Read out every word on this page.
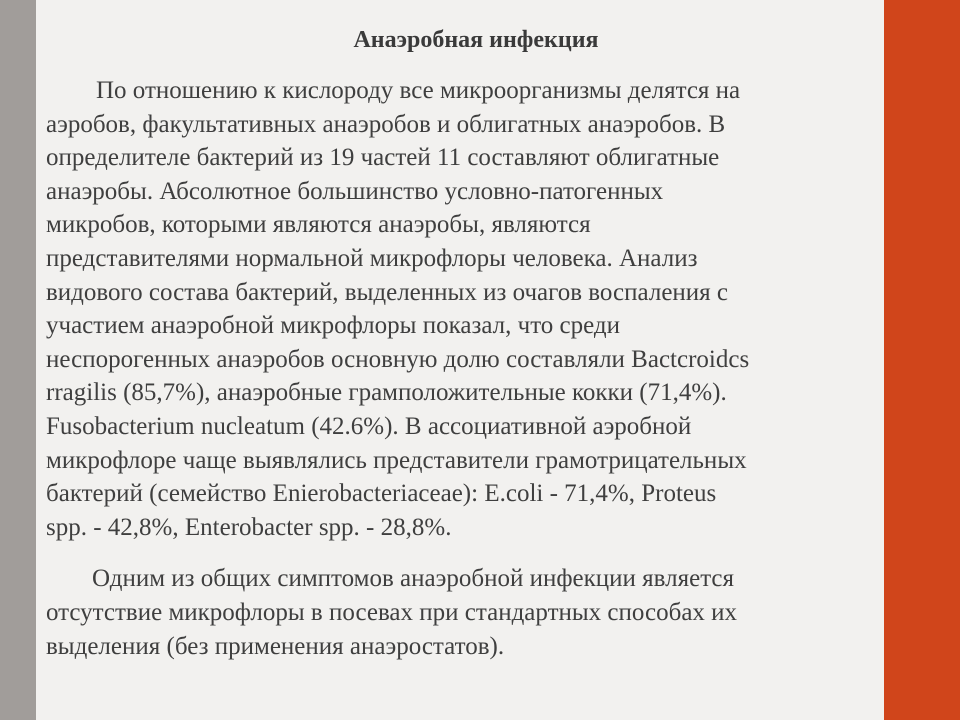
Анаэробная инфекция

По отношению к кислороду все микроорганизмы делятся на
аэробов, факультативных анаэробов и облигатных анаэробов. В
определителе бактерий из 19 частей 11 составляют облигатные
анаэробы. Абсолютное большинство условно-патогенных
микробов, которыми являются анаэробы, являются
представителями нормальной микрофлоры человека. Анализ
видового состава бактерий, выделенных из очагов воспаления с
участием анаэробной микрофлоры показал, что среди
неспорогенных анаэробов основную долю составляли Bactcroidcs
rragilis (85,7%), анаэробные грамположительные кокки (71,4%).
Fusobacterium nucleatum (42.6%). В ассоциативной аэробной
микрофлоре чаще выявлялись представители грамотрицательных
бактерий (семейство Enierobacteriaceae): E.coli - 71,4%, Proteus
spp. - 42,8%, Enterobacter spp. - 28,8%.

Одним из общих симптомов анаэробной инфекции является
отсутствие микрофлоры в посевах при стандартных способах их
выделения (без применения анаэростатов).
